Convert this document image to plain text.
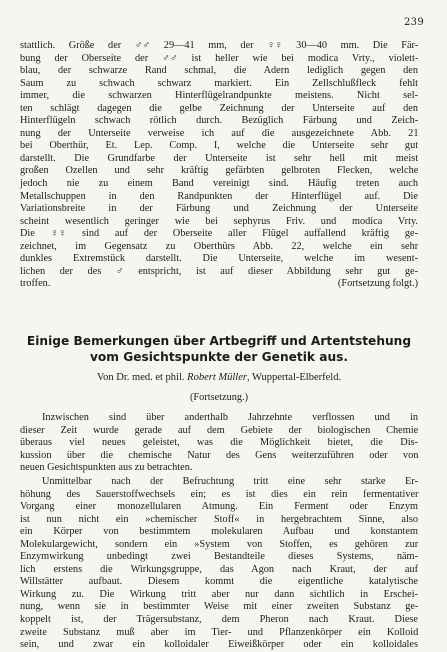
239
stattlich. Größe der ♂♂ 29—41 mm, der ♀♀ 30—40 mm. Die Fär-
bung der Oberseite der ♂♂ ist heller wie bei modica Vrty., violett-
blau, der schwarze Rand schmal, die Adern lediglich gegen den
Saum zu schwach schwarz markiert. Ein Zellschlußfleck fehlt
immer, die schwarzen Hinterflügelrandpunkte meistens. Nicht sel-
ten schlägt dagegen die gelbe Zeichnung der Unterseite auf den
Hinterflügeln schwach rötlich durch. Bezüglich Färbung und Zeich-
nung der Unterseite verweise ich auf die ausgezeichnete Abb. 21
bei Oberthür, Et. Lep. Comp. I, welche die Unterseite sehr gut
darstellt. Die Grundfarbe der Unterseite ist sehr hell mit meist
großen Ozellen und sehr kräftig gefärbten gelbroten Flecken, welche
jedoch nie zu einem Band vereinigt sind. Häufig treten auch
Metallschuppen in den Randpunkten der Hinterflügel auf. Die
Variationsbreite in der Färbung und Zeichnung der Unterseite
scheint wesentlich geringer wie bei sephyrus Friv. und modica Vrty.
Die ♀♀ sind auf der Oberseite aller Flügel auffallend kräftig ge-
zeichnet, im Gegensatz zu Oberthürs Abb. 22, welche ein sehr
dunkles Extremstück darstellt. Die Unterseite, welche im wesent-
lichen der des ♂ entspricht, ist auf dieser Abbildung sehr gut ge-
troffen.	(Fortsetzung folgt.)
Einige Bemerkungen über Artbegriff und Artentstehung
vom Gesichtspunkte der Genetik aus.
Von Dr. med. et phil. Robert Müller, Wuppertal-Elberfeld.
(Fortsetzung.)
Inzwischen sind über anderthalb Jahrzehnte verflossen und in
dieser Zeit wurde gerade auf dem Gebiete der biologischen Chemie
überaus viel neues geleistet, was die Möglichkeit bietet, die Dis-
kussion über die chemische Natur des Gens weiterzuführen oder von
neuen Gesichtspunkten aus zu betrachten.
Unmittelbar nach der Befruchtung tritt eine sehr starke Er-
höhung des Sauerstoffwechsels ein; es ist dies ein rein fermentativer
Vorgang einer monozellularen Atmung. Ein Ferment oder Enzym
ist nun nicht ein »chemischer Stoff« in hergebrachtem Sinne, also
ein Körper von bestimmtem molekularen Aufbau und konstantem
Molekulargewicht, sondern ein »System von Stoffen, es gehören zur
Enzymwirkung unbedingt zwei Bestandteile dieses Systems, näm-
lich erstens die Wirkungsgruppe, das Agon nach Kraut, der auf
Willstätter aufbaut. Diesem kommt die eigentliche katalytische
Wirkung zu. Die Wirkung tritt aber nur dann sichtlich in Erschei-
nung, wenn sie in bestimmter Weise mit einer zweiten Substanz ge-
koppelt ist, der Trägersubstanz, dem Pheron nach Kraut. Diese
zweite Substanz muß aber im Tier- und Pflanzenkörper ein Kolloid
sein, und zwar ein kolloidaler Eiweißkörper oder ein kolloidales
